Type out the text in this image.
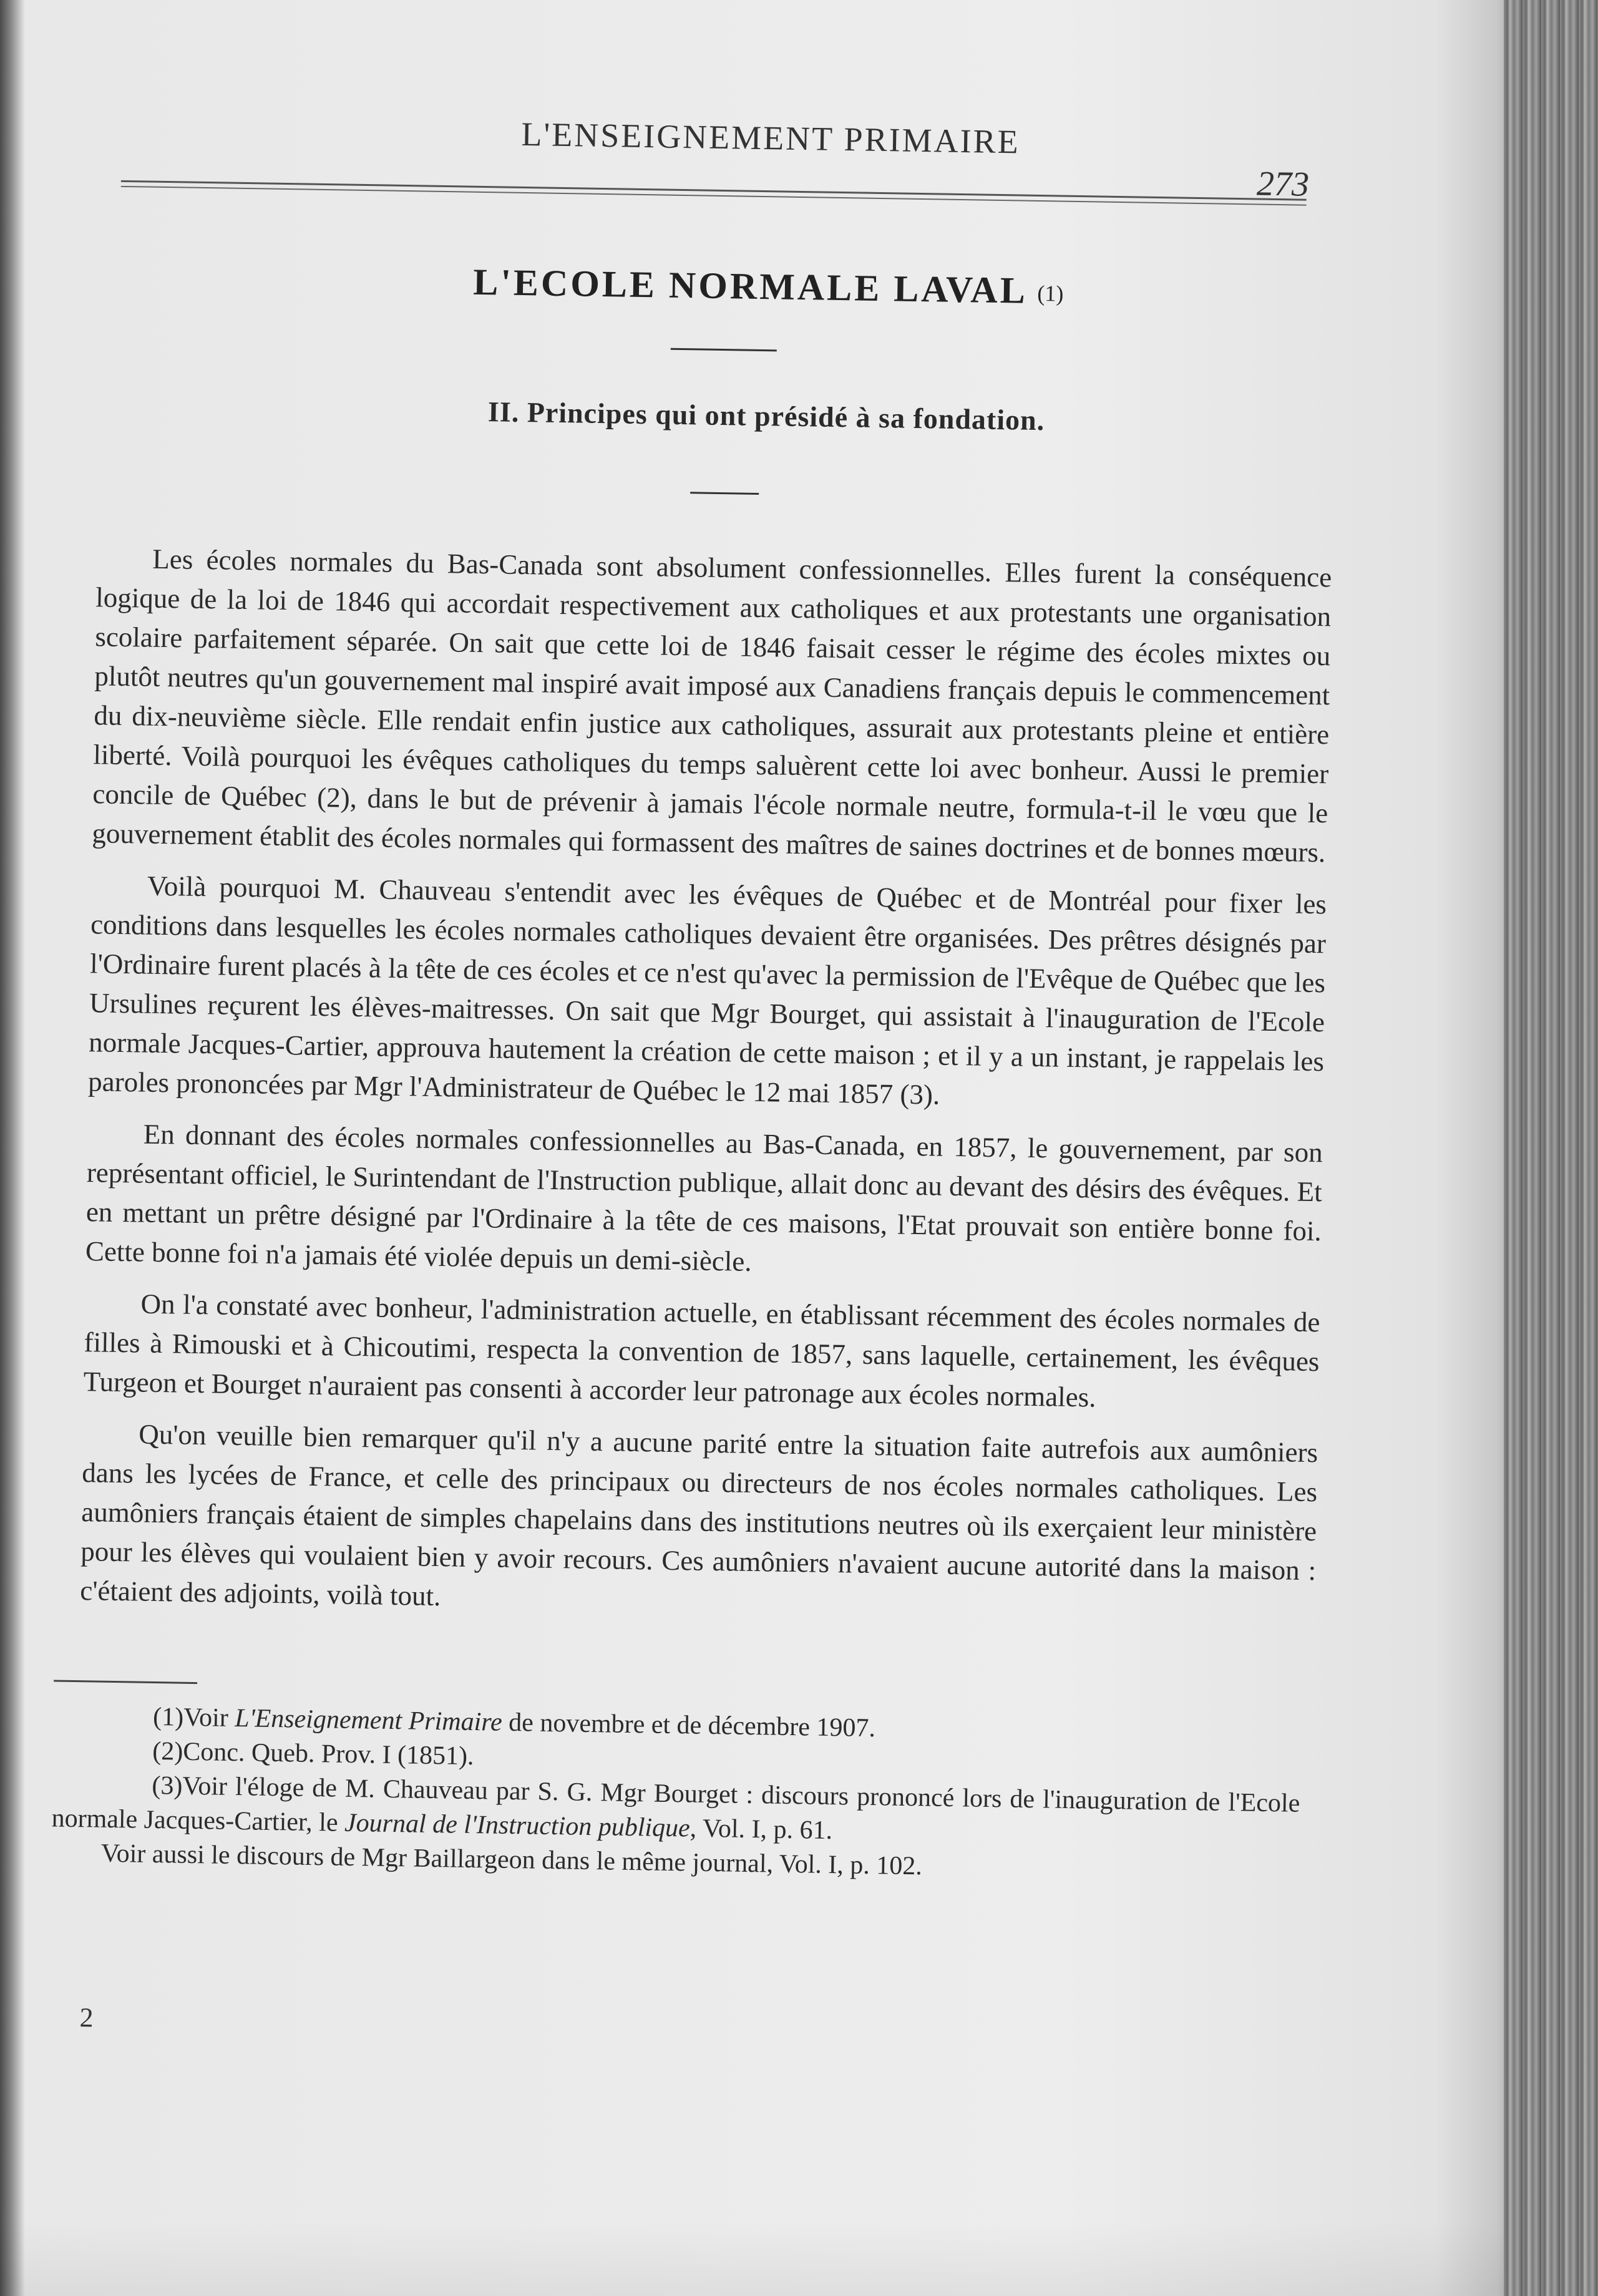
L'ENSEIGNEMENT PRIMAIRE
273
L'ECOLE NORMALE LAVAL (1)
II. Principes qui ont présidé à sa fondation.

Les écoles normales du Bas-Canada sont absolument confessionnelles. Elles furent la conséquence logique de la loi de 1846 qui accordait respectivement aux catholiques et aux protestants une organisation scolaire parfaitement séparée. On sait que cette loi de 1846 faisait cesser le régime des écoles mixtes ou plutôt neutres qu'un gouvernement mal inspiré avait imposé aux Canadiens français depuis le commencement du dix-neuvième siècle. Elle rendait enfin justice aux catholiques, assurait aux protestants pleine et entière liberté. Voilà pourquoi les évêques catholiques du temps saluèrent cette loi avec bonheur. Aussi le premier concile de Québec (2), dans le but de prévenir à jamais l'école normale neutre, formula-t-il le vœu que le gouvernement établit des écoles normales qui formassent des maîtres de saines doctrines et de bonnes mœurs.

Voilà pourquoi M. Chauveau s'entendit avec les évêques de Québec et de Montréal pour fixer les conditions dans lesquelles les écoles normales catholiques devaient être organisées. Des prêtres désignés par l'Ordinaire furent placés à la tête de ces écoles et ce n'est qu'avec la permission de l'Evêque de Québec que les Ursulines reçurent les élèves-maitresses. On sait que Mgr Bourget, qui assistait à l'inauguration de l'Ecole normale Jacques-Cartier, approuva hautement la création de cette maison ; et il y a un instant, je rappelais les paroles prononcées par Mgr l'Administrateur de Québec le 12 mai 1857 (3).

En donnant des écoles normales confessionnelles au Bas-Canada, en 1857, le gouvernement, par son représentant officiel, le Surintendant de l'Instruction publique, allait donc au devant des désirs des évêques. Et en mettant un prêtre désigné par l'Ordinaire à la tête de ces maisons, l'Etat prouvait son entière bonne foi. Cette bonne foi n'a jamais été violée depuis un demi-siècle.

On l'a constaté avec bonheur, l'administration actuelle, en établissant récemment des écoles normales de filles à Rimouski et à Chicoutimi, respecta la convention de 1857, sans laquelle, certainement, les évêques Turgeon et Bourget n'auraient pas consenti à accorder leur patronage aux écoles normales.

Qu'on veuille bien remarquer qu'il n'y a aucune parité entre la situation faite autrefois aux aumôniers dans les lycées de France, et celle des principaux ou directeurs de nos écoles normales catholiques. Les aumôniers français étaient de simples chapelains dans des institutions neutres où ils exerçaient leur ministère pour les élèves qui voulaient bien y avoir recours. Ces aumôniers n'avaient aucune autorité dans la maison : c'étaient des adjoints, voilà tout.

(1)Voir L'Enseignement Primaire de novembre et de décembre 1907.

(2)Conc. Queb. Prov. I (1851).

(3)Voir l'éloge de M. Chauveau par S. G. Mgr Bourget : discours prononcé lors de l'inauguration de l'Ecole normale Jacques-Cartier, le Journal de l'Instruction publique, Vol. I, p. 61.

Voir aussi le discours de Mgr Baillargeon dans le même journal, Vol. I, p. 102.

2
